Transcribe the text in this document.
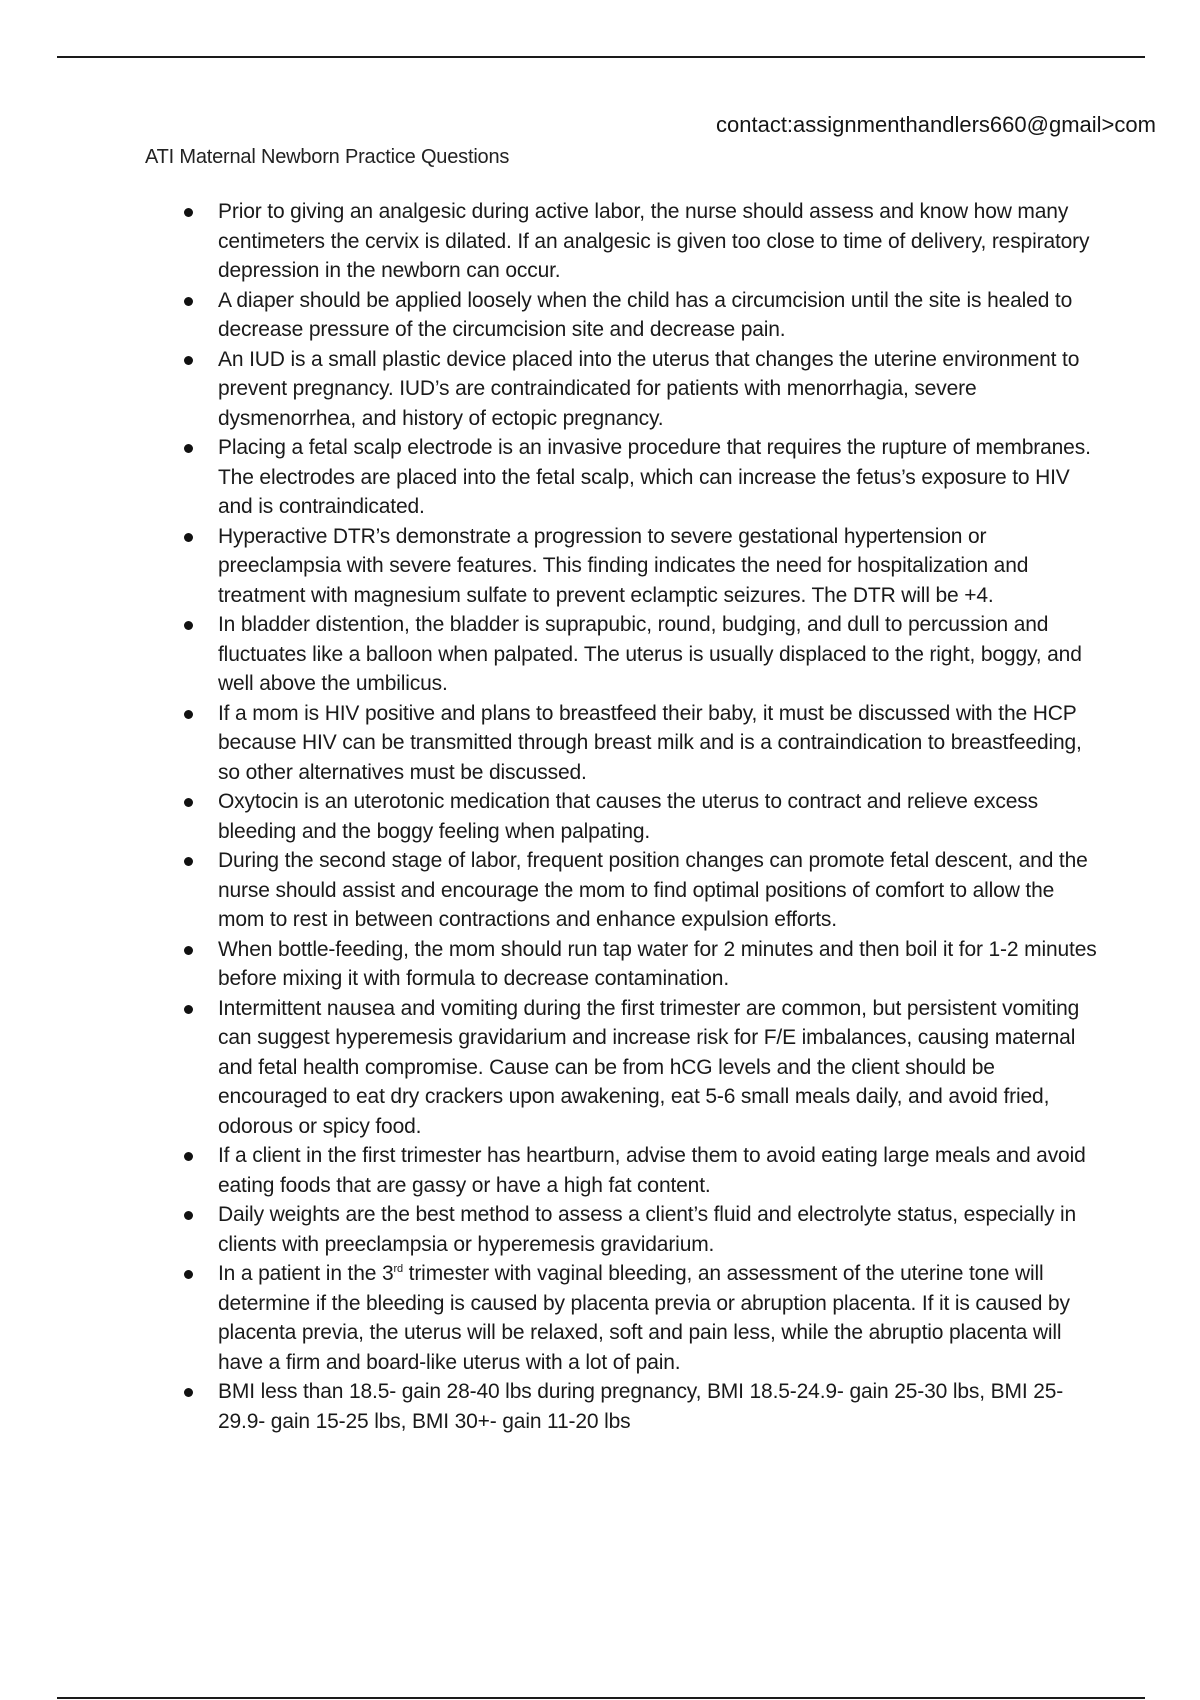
ATI Maternal Newborn Practice Questions
contact:assignmenthandlers660@gmail>com
Prior to giving an analgesic during active labor, the nurse should assess and know how many centimeters the cervix is dilated. If an analgesic is given too close to time of delivery, respiratory depression in the newborn can occur.
A diaper should be applied loosely when the child has a circumcision until the site is healed to decrease pressure of the circumcision site and decrease pain.
An IUD is a small plastic device placed into the uterus that changes the uterine environment to prevent pregnancy. IUD’s are contraindicated for patients with menorrhagia, severe dysmenorrhea, and history of ectopic pregnancy.
Placing a fetal scalp electrode is an invasive procedure that requires the rupture of membranes. The electrodes are placed into the fetal scalp, which can increase the fetus’s exposure to HIV and is contraindicated.
Hyperactive DTR’s demonstrate a progression to severe gestational hypertension or preeclampsia with severe features. This finding indicates the need for hospitalization and treatment with magnesium sulfate to prevent eclamptic seizures. The DTR will be +4.
In bladder distention, the bladder is suprapubic, round, budging, and dull to percussion and fluctuates like a balloon when palpated. The uterus is usually displaced to the right, boggy, and well above the umbilicus.
If a mom is HIV positive and plans to breastfeed their baby, it must be discussed with the HCP because HIV can be transmitted through breast milk and is a contraindication to breastfeeding, so other alternatives must be discussed.
Oxytocin is an uterotonic medication that causes the uterus to contract and relieve excess bleeding and the boggy feeling when palpating.
During the second stage of labor, frequent position changes can promote fetal descent, and the nurse should assist and encourage the mom to find optimal positions of comfort to allow the mom to rest in between contractions and enhance expulsion efforts.
When bottle-feeding, the mom should run tap water for 2 minutes and then boil it for 1-2 minutes before mixing it with formula to decrease contamination.
Intermittent nausea and vomiting during the first trimester are common, but persistent vomiting can suggest hyperemesis gravidarium and increase risk for F/E imbalances, causing maternal and fetal health compromise. Cause can be from hCG levels and the client should be encouraged to eat dry crackers upon awakening, eat 5-6 small meals daily, and avoid fried, odorous or spicy food.
If a client in the first trimester has heartburn, advise them to avoid eating large meals and avoid eating foods that are gassy or have a high fat content.
Daily weights are the best method to assess a client’s fluid and electrolyte status, especially in clients with preeclampsia or hyperemesis gravidarium.
In a patient in the 3rd trimester with vaginal bleeding, an assessment of the uterine tone will determine if the bleeding is caused by placenta previa or abruption placenta. If it is caused by placenta previa, the uterus will be relaxed, soft and pain less, while the abruptio placenta will have a firm and board-like uterus with a lot of pain.
BMI less than 18.5- gain 28-40 lbs during pregnancy, BMI 18.5-24.9- gain 25-30 lbs, BMI 25-29.9- gain 15-25 lbs, BMI 30+- gain 11-20 lbs
